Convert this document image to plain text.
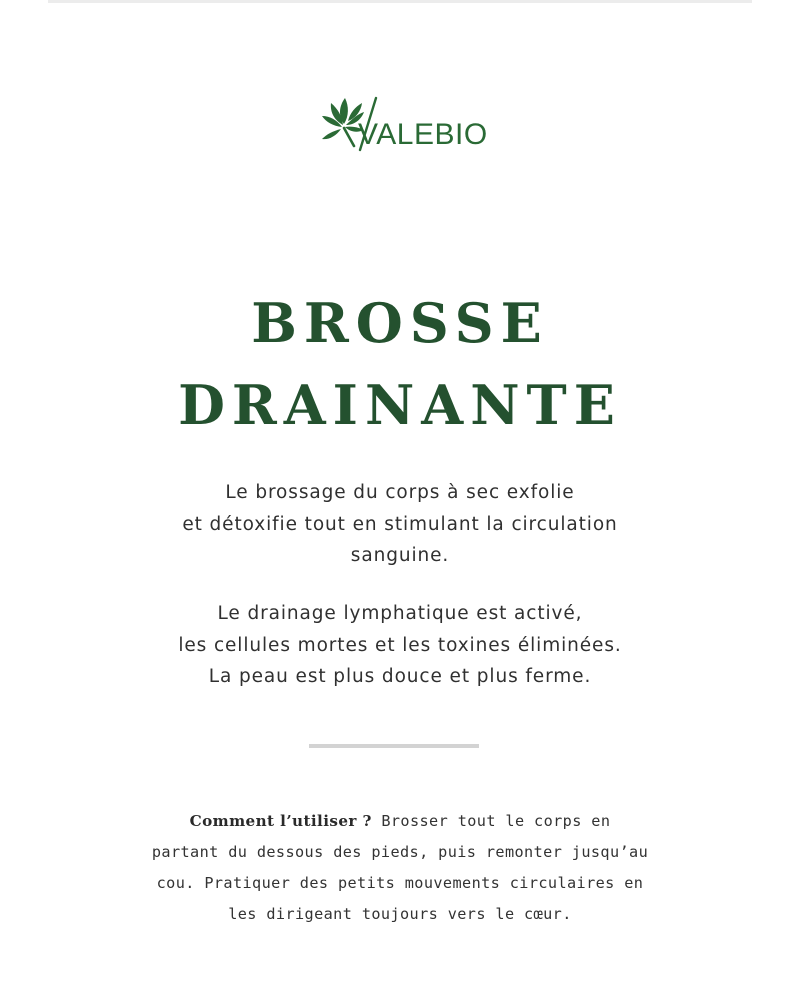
VALEBIO
BROSSE
DRAINANTE

Le brossage du corps à sec exfolie
et détoxifie tout en stimulant la circulation
sanguine.

Le drainage lymphatique est activé,
les cellules mortes et les toxines éliminées.
La peau est plus douce et plus ferme.

Comment l’utiliser ? Brosser tout le corps en
partant du dessous des pieds, puis remonter jusqu’au
cou. Pratiquer des petits mouvements circulaires en
les dirigeant toujours vers le cœur.
